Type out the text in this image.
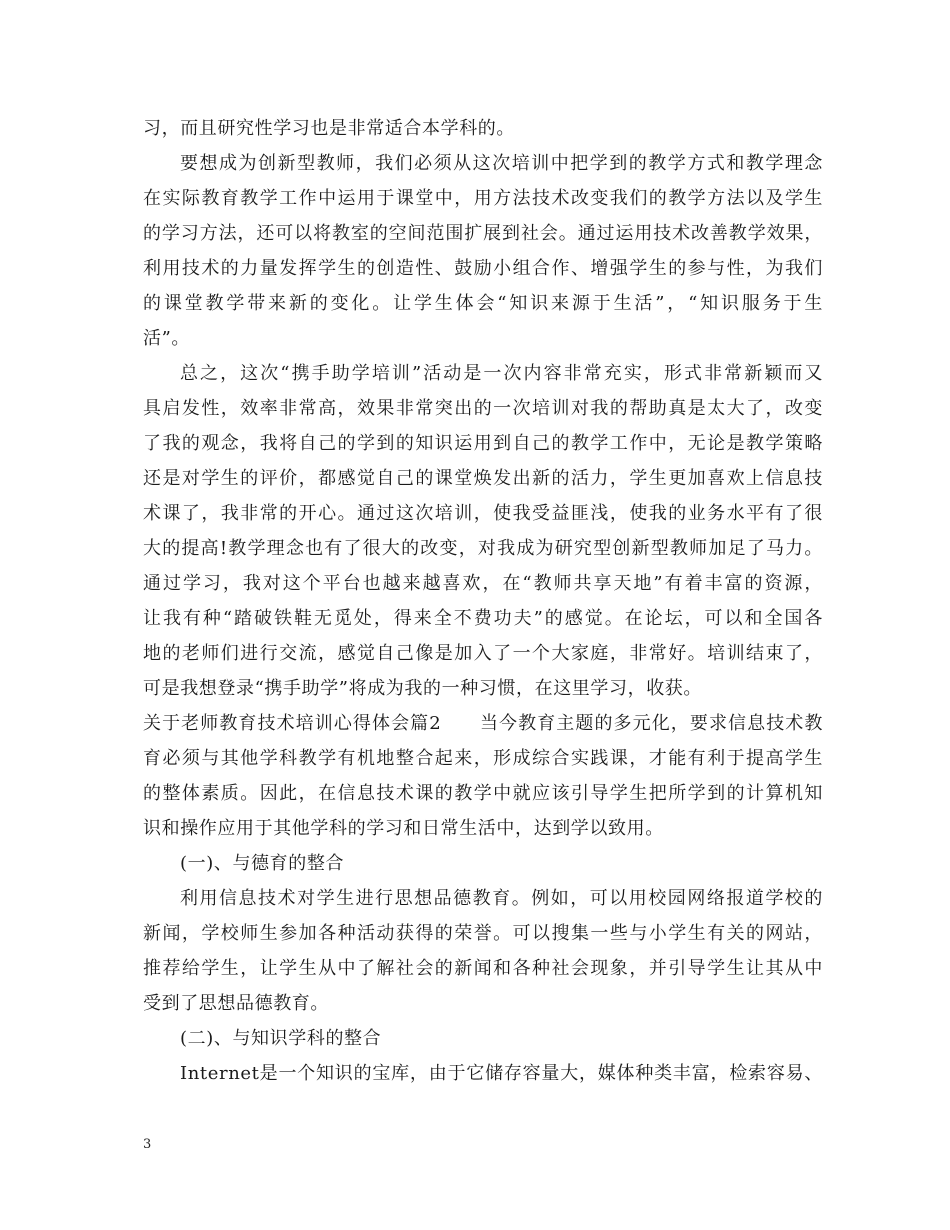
习，而且研究性学习也是非常适合本学科的。
要想成为创新型教师，我们必须从这次培训中把学到的教学方式和教学理念
在实际教育教学工作中运用于课堂中，用方法技术改变我们的教学方法以及学生
的学习方法，还可以将教室的空间范围扩展到社会。通过运用技术改善教学效果，
利用技术的力量发挥学生的创造性、鼓励小组合作、增强学生的参与性，为我们
的课堂教学带来新的变化。让学生体会“知识来源于生活”，“知识服务于生
活”。
总之，这次“携手助学培训”活动是一次内容非常充实，形式非常新颖而又
具启发性，效率非常高，效果非常突出的一次培训对我的帮助真是太大了，改变
了我的观念，我将自己的学到的知识运用到自己的教学工作中，无论是教学策略
还是对学生的评价，都感觉自己的课堂焕发出新的活力，学生更加喜欢上信息技
术课了，我非常的开心。通过这次培训，使我受益匪浅，使我的业务水平有了很
大的提高!教学理念也有了很大的改变，对我成为研究型创新型教师加足了马力。
通过学习，我对这个平台也越来越喜欢，在“教师共享天地”有着丰富的资源，
让我有种“踏破铁鞋无觅处，得来全不费功夫”的感觉。在论坛，可以和全国各
地的老师们进行交流，感觉自己像是加入了一个大家庭，非常好。培训结束了，
可是我想登录“携手助学”将成为我的一种习惯，在这里学习，收获。
关于老师教育技术培训心得体会篇2　　当今教育主题的多元化，要求信息技术教
育必须与其他学科教学有机地整合起来，形成综合实践课，才能有利于提高学生
的整体素质。因此，在信息技术课的教学中就应该引导学生把所学到的计算机知
识和操作应用于其他学科的学习和日常生活中，达到学以致用。
(一)、与德育的整合
利用信息技术对学生进行思想品德教育。例如，可以用校园网络报道学校的
新闻，学校师生参加各种活动获得的荣誉。可以搜集一些与小学生有关的网站，
推荐给学生，让学生从中了解社会的新闻和各种社会现象，并引导学生让其从中
受到了思想品德教育。
(二)、与知识学科的整合
Internet是一个知识的宝库，由于它储存容量大，媒体种类丰富，检索容易、
3
